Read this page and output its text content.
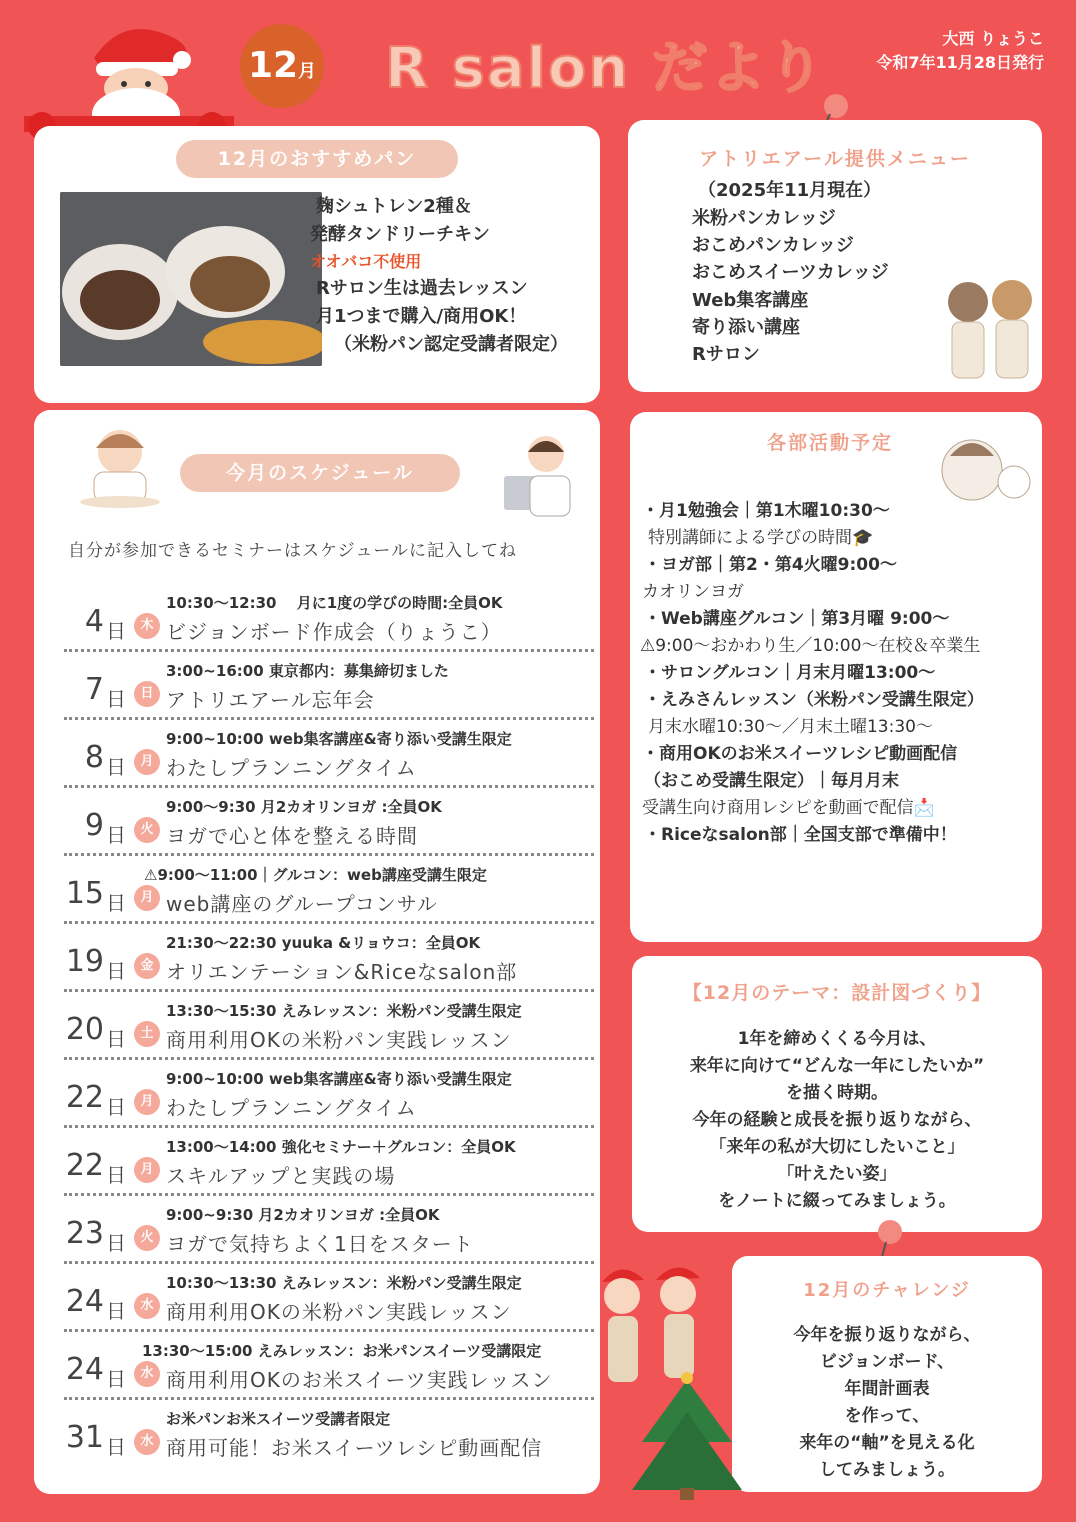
12月 R salon だより	大西 りょうこ
令和7年11月28日発行
12月のおすすめパン
麹シュトレン2種＆
発酵タンドリーチキン
オオバコ不使用
Rサロン生は過去レッスン
月1つまで購入/商用OK！
（米粉パン認定受講者限定）
アトリエアール提供メニュー
（2025年11月現在）
米粉パンカレッジ
おこめパンカレッジ
おこめスイーツカレッジ
Web集客講座
寄り添い講座
Rサロン
今月のスケジュール
自分が参加できるセミナーはスケジュールに記入してね
4 日	木
10:30～12:30　 月に1度の学びの時間:全員OK
ビジョンボード作成会（りょうこ）
7 日	日
3:00~16:00 東京都内：募集締切ました
アトリエアール忘年会
8 日	月
9:00~10:00 web集客講座&寄り添い受講生限定
わたしプランニングタイム
9 日	火
9:00～9:30 月2カオリンヨガ :全員OK
ヨガで心と体を整える時間
15 日	月
⚠9:00～11:00｜グルコン：web講座受講生限定
web講座のグループコンサル
19 日	金
21:30～22:30 yuuka &リョウコ：全員OK
オリエンテーション&Riceなsalon部
20 日	土
13:30～15:30 えみレッスン：米粉パン受講生限定
商用利用OKの米粉パン実践レッスン
22 日	月
9:00~10:00 web集客講座&寄り添い受講生限定
わたしプランニングタイム
22 日	月
13:00～14:00 強化セミナー＋グルコン：全員OK
スキルアップと実践の場
23 日	火
9:00~9:30 月2カオリンヨガ :全員OK
ヨガで気持ちよく1日をスタート
24 日	水
10:30～13:30 えみレッスン：米粉パン受講生限定
商用利用OKの米粉パン実践レッスン
24 日	水
13:30～15:00 えみレッスン：お米パンスイーツ受講限定
商用利用OKのお米スイーツ実践レッスン
31 日	水
お米パンお米スイーツ受講者限定
商用可能！お米スイーツレシピ動画配信
各部活動予定
・月1勉強会｜第1木曜10:30～
特別講師による学びの時間🎓
・ヨガ部｜第2・第4火曜9:00～
カオリンヨガ
・Web講座グルコン｜第3月曜 9:00～
⚠9:00～おかわり生／10:00～在校＆卒業生
・サロングルコン｜月末月曜13:00～
・えみさんレッスン（米粉パン受講生限定）
月末水曜10:30～／月末土曜13:30～
・商用OKのお米スイーツレシピ動画配信
（おこめ受講生限定）｜毎月月末
受講生向け商用レシピを動画で配信📩
・Riceなsalon部｜全国支部で準備中！
【12月のテーマ：設計図づくり】
1年を締めくくる今月は、
来年に向けて“どんな一年にしたいか”
を描く時期。
今年の経験と成長を振り返りながら、
「来年の私が大切にしたいこと」
「叶えたい姿」
をノートに綴ってみましょう。
12月のチャレンジ
今年を振り返りながら、
ビジョンボード、
年間計画表
を作って、
来年の“軸”を見える化
してみましょう。
